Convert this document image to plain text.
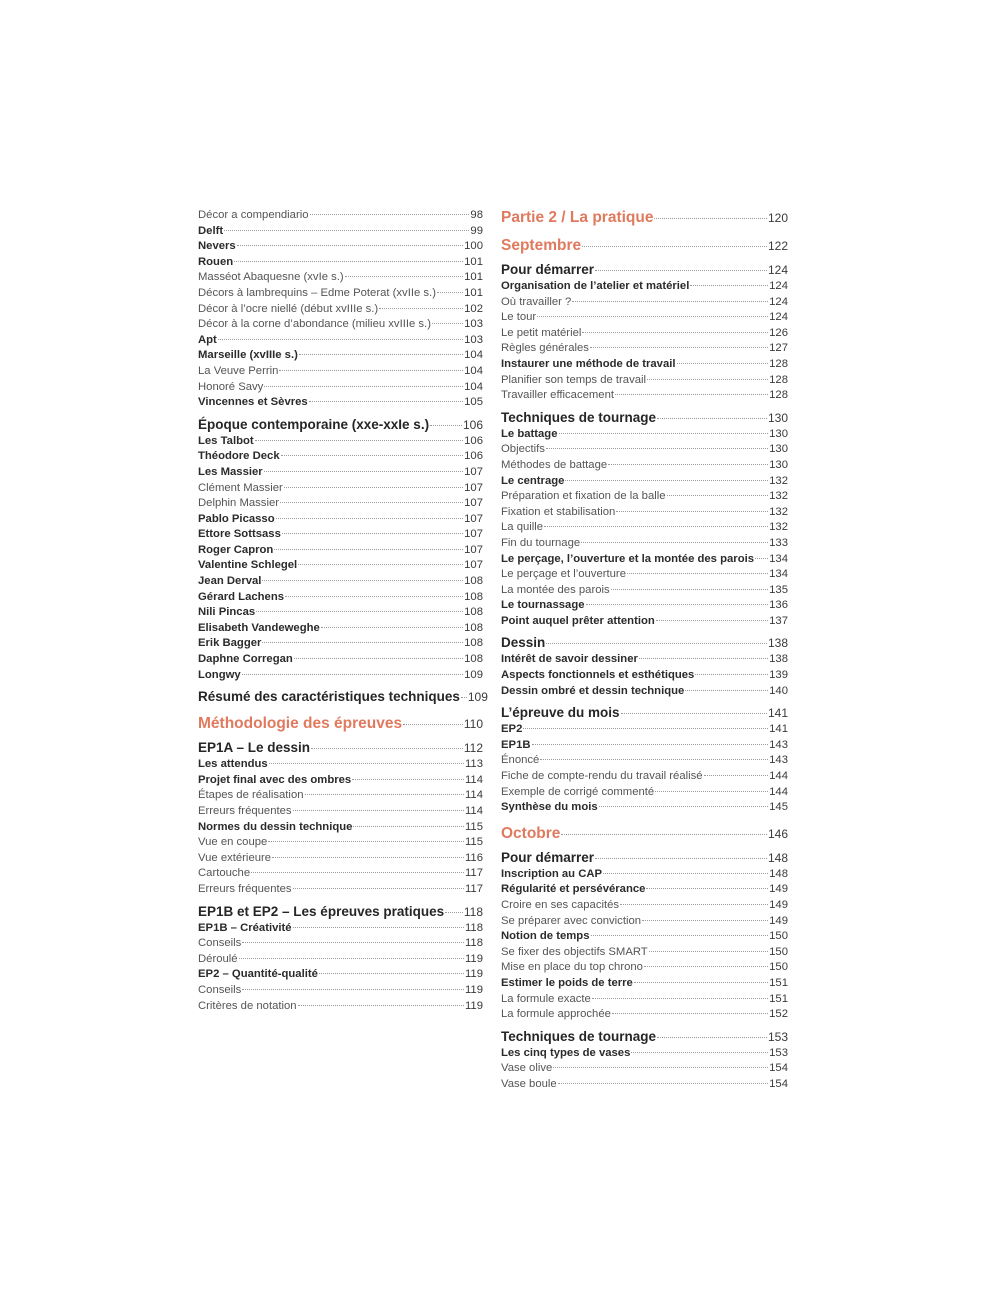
Décor a compendiario	98
Delft	99
Nevers	100
Rouen	101
Masséot Abaquesne (xvIe s.)	101
Décors à lambrequins – Edme Poterat (xvIIe s.) 101
Décor à l’ocre niellé (début xvIIIe s.)	102
Décor à la corne d’abondance (milieu xvIIIe s.)	103
Apt	103
Marseille (xvIIIe s.)	104
La Veuve Perrin	104
Honoré Savy	104
Vincennes et Sèvres	105
Époque contemporaine (xxe-xxIe s.)	106
Les Talbot	106
Théodore Deck	106
Les Massier	107
Clément Massier	107
Delphin Massier	107
Pablo Picasso	107
Ettore Sottsass	107
Roger Capron	107
Valentine Schlegel	107
Jean Derval	108
Gérard Lachens	108
Nili Pincas	108
Elisabeth Vandeweghe	108
Erik Bagger	108
Daphne Corregan	108
Longwy	109
Résumé des caractéristiques techniques 109
Méthodologie des épreuves	110
EP1A – Le dessin	112
Les attendus	113
Projet final avec des ombres	114
Étapes de réalisation	114
Erreurs fréquentes	114
Normes du dessin technique	115
Vue en coupe	115
Vue extérieure	116
Cartouche	117
Erreurs fréquentes	117
EP1B et EP2 – Les épreuves pratiques 118
EP1B – Créativité	118
Conseils	118
Déroulé	119
EP2 – Quantité-qualité	119
Conseils	119
Critères de notation	119
Partie 2 / La pratique	120
Septembre	122
Pour démarrer	124
Organisation de l’atelier et matériel	124
Où travailler ?	124
Le tour	124
Le petit matériel	126
Règles générales	127
Instaurer une méthode de travail	128
Planifier son temps de travail	128
Travailler efficacement	128
Techniques de tournage	130
Le battage	130
Objectifs	130
Méthodes de battage	130
Le centrage	132
Préparation et fixation de la balle	132
Fixation et stabilisation	132
La quille	132
Fin du tournage	133
Le perçage, l’ouverture et la montée des parois 134
Le perçage et l’ouverture	134
La montée des parois	135
Le tournassage	136
Point auquel prêter attention	137
Dessin	138
Intérêt de savoir dessiner	138
Aspects fonctionnels et esthétiques	139
Dessin ombré et dessin technique	140
L’épreuve du mois	141
EP2	141
EP1B	143
Énoncé	143
Fiche de compte-rendu du travail réalisé	144
Exemple de corrigé commenté	144
Synthèse du mois	145
Octobre	146
Pour démarrer	148
Inscription au CAP	148
Régularité et persévérance	149
Croire en ses capacités	149
Se préparer avec conviction	149
Notion de temps	150
Se fixer des objectifs SMART	150
Mise en place du top chrono	150
Estimer le poids de terre	151
La formule exacte	151
La formule approchée	152
Techniques de tournage	153
Les cinq types de vases	153
Vase olive	154
Vase boule	154
